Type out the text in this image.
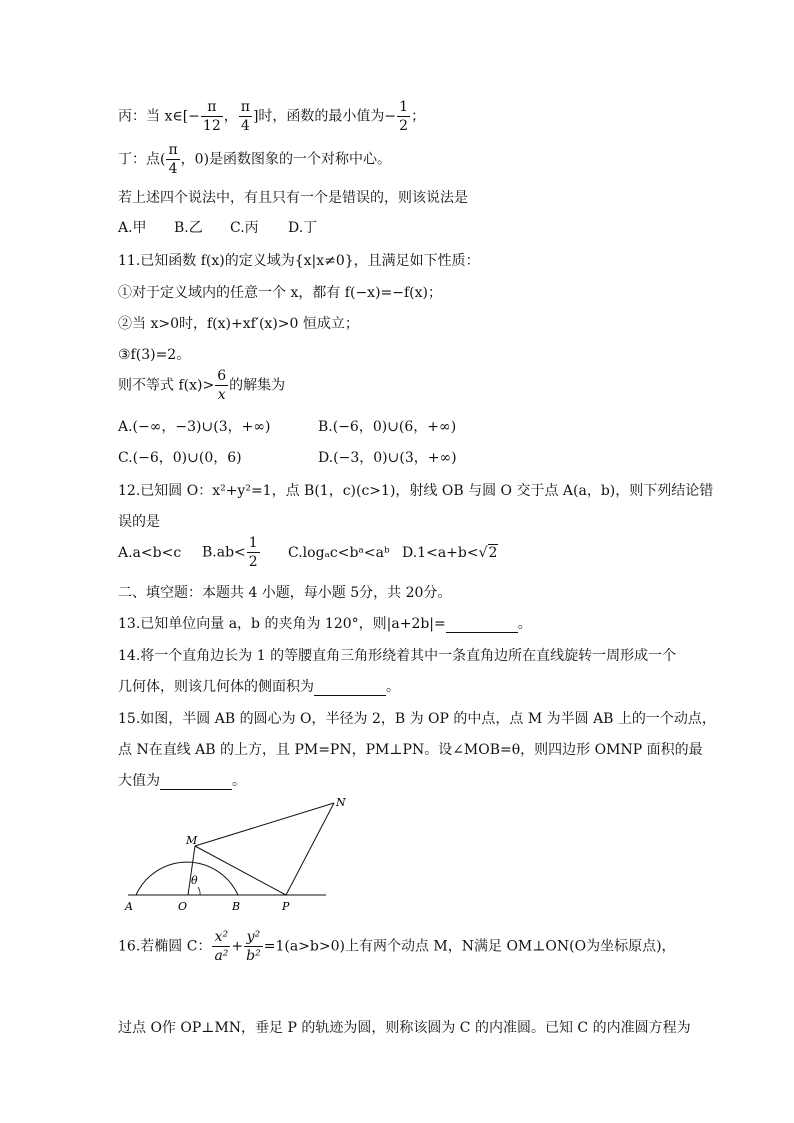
丙：当 x∈[− $\frac{\pi}{12}$ ， $\frac{\pi}{4}$ ]时，函数的最小值为− $\frac{1}{2}$ ；
丁：点( $\frac{\pi}{4}$ ，0)是函数图象的一个对称中心。
若上述四个说法中，有且只有一个是错误的，则该说法是
A.甲 B.乙 C.丙 D.丁
11.已知函数 f(x)的定义域为{x|x≠0}，且满足如下性质：
①对于定义域内的任意一个 x，都有 f(−x)=−f(x)；
②当 x>0时，f(x)+xf′(x)>0 恒成立；
③f(3)=2。
则不等式 $f(x)> \frac{6}{x}$ 的解集为
A.(−∞，−3)∪(3，+∞)	B.(−6，0)∪(6，+∞)
C.(−6，0)∪(0，6)	D.(−3，0)∪(3，+∞)
12.已知圆 O：x²+y²=1，点 B(1，c)(c>1)，射线 OB 与圆 O 交于点 A(a，b)，则下列结论错
误的是
A.a<b<c $B.ab< \frac{1}{2}$ C.logₐc<bᵃ<aᵇ D.1<a+b<√2
二、填空题：本题共 4 小题，每小题 5分，共 20分。
13.已知单位向量 a，b 的夹角为 120°，则|a+2b|=	。
14.将一个直角边长为 1 的等腰直角三角形绕着其中一条直角边所在直线旋转一周形成一个
几何体，则该几何体的侧面积为	。
15.如图，半圆 AB 的圆心为 O，半径为 2，B 为 OP 的中点，点 M 为半圆 AB 上的一个动点，
点 N在直线 AB 的上方，且 PM=PN，PM⊥PN。设∠MOB=θ，则四边形 OMNP 面积的最
大值为	。
A	O	B	P
M
N
θ
16.若椭圆 C： $\frac{\text{x²}}{\text{a²}} + \frac{\text{y²}}{\text{b²}} =1(a>b>0)$上有两个动点 M，N满足 OM⊥ON(O为坐标原点)，
过点 O作 OP⊥MN，垂足 P 的轨迹为圆，则称该圆为 C 的内准圆。已知 C 的内准圆方程为
